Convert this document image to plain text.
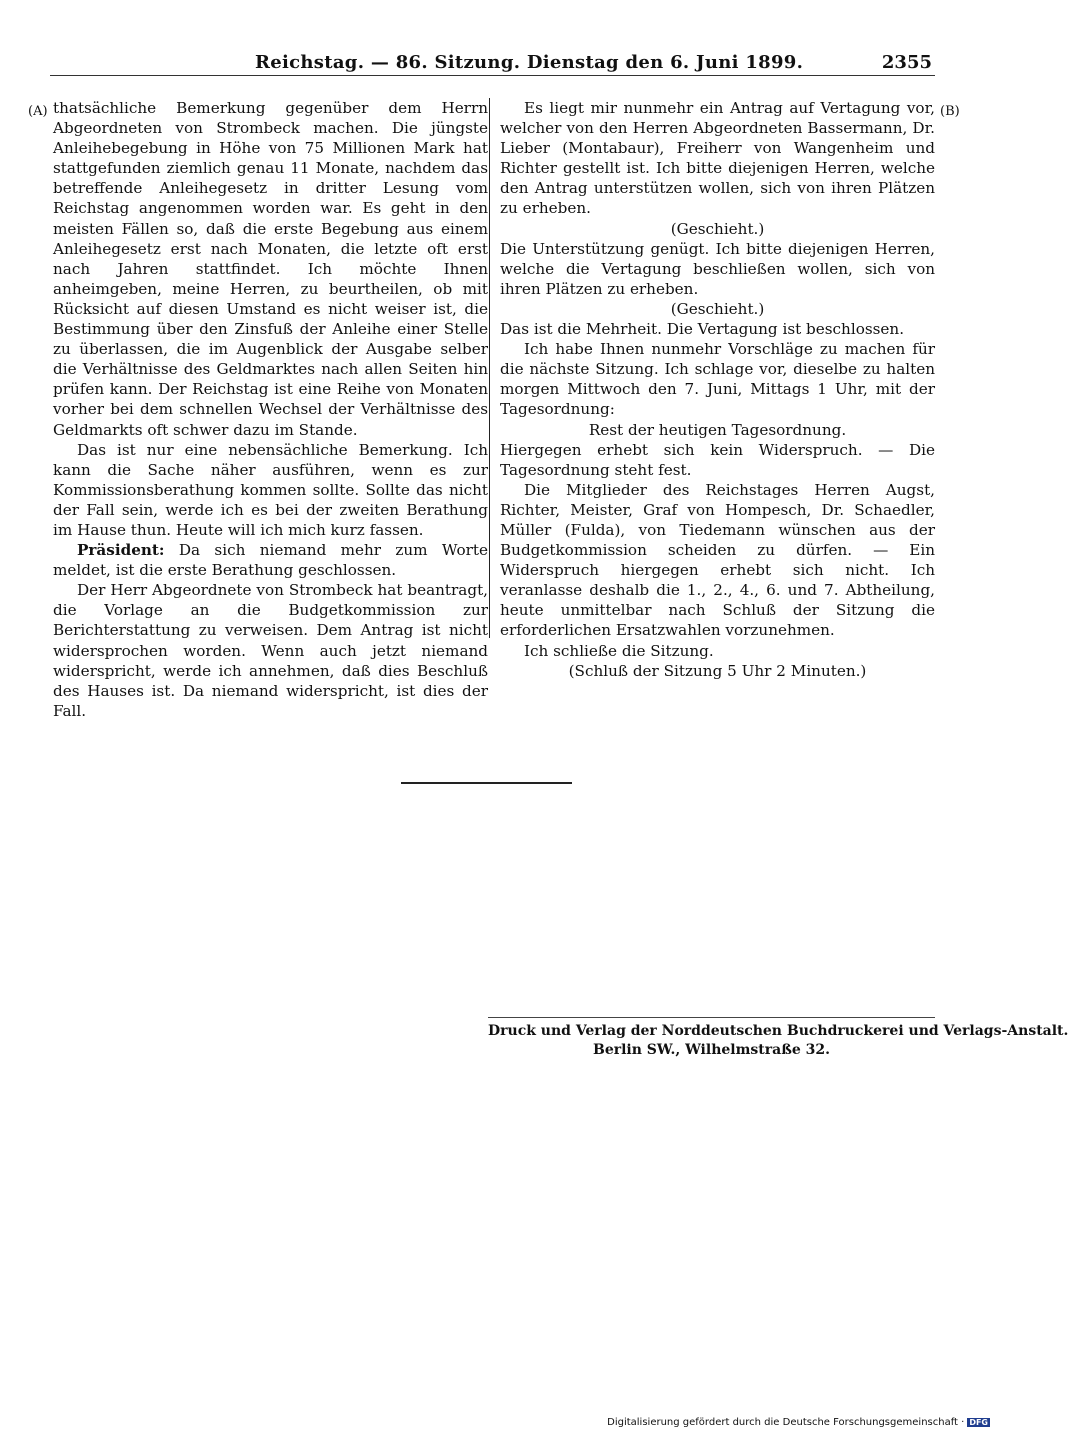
Reichstag. — 86. Sitzung. Dienstag den 6. Juni 1899.	2355
(A)	(B)

thatsächliche Bemerkung gegenüber dem Herrn Abgeordneten von Strombeck machen. Die jüngste Anleihebegebung in Höhe von 75 Millionen Mark hat stattgefunden ziemlich genau 11 Monate, nachdem das betreffende Anleihegesetz in dritter Lesung vom Reichstag angenommen worden war. Es geht in den meisten Fällen so, daß die erste Begebung aus einem Anleihegesetz erst nach Monaten, die letzte oft erst nach Jahren stattfindet. Ich möchte Ihnen anheimgeben, meine Herren, zu beurtheilen, ob mit Rücksicht auf diesen Umstand es nicht weiser ist, die Bestimmung über den Zinsfuß der Anleihe einer Stelle zu überlassen, die im Augenblick der Ausgabe selber die Verhältnisse des Geldmarktes nach allen Seiten hin prüfen kann. Der Reichstag ist eine Reihe von Monaten vorher bei dem schnellen Wechsel der Verhältnisse des Geldmarkts oft schwer dazu im Stande.

Das ist nur eine nebensächliche Bemerkung. Ich kann die Sache näher ausführen, wenn es zur Kommissionsberathung kommen sollte. Sollte das nicht der Fall sein, werde ich es bei der zweiten Berathung im Hause thun. Heute will ich mich kurz fassen.

Präsident: Da sich niemand mehr zum Worte meldet, ist die erste Berathung geschlossen.

Der Herr Abgeordnete von Strombeck hat beantragt, die Vorlage an die Budgetkommission zur Berichterstattung zu verweisen. Dem Antrag ist nicht widersprochen worden. Wenn auch jetzt niemand widerspricht, werde ich annehmen, daß dies Beschluß des Hauses ist. Da niemand widerspricht, ist dies der Fall.

Es liegt mir nunmehr ein Antrag auf Vertagung vor, welcher von den Herren Abgeordneten Bassermann, Dr. Lieber (Montabaur), Freiherr von Wangenheim und Richter gestellt ist. Ich bitte diejenigen Herren, welche den Antrag unterstützen wollen, sich von ihren Plätzen zu erheben.

(Geschieht.)

Die Unterstützung genügt. Ich bitte diejenigen Herren, welche die Vertagung beschließen wollen, sich von ihren Plätzen zu erheben.

(Geschieht.)

Das ist die Mehrheit. Die Vertagung ist beschlossen.

Ich habe Ihnen nunmehr Vorschläge zu machen für die nächste Sitzung. Ich schlage vor, dieselbe zu halten morgen Mittwoch den 7. Juni, Mittags 1 Uhr, mit der Tagesordnung:

Rest der heutigen Tagesordnung.

Hiergegen erhebt sich kein Widerspruch. — Die Tagesordnung steht fest.

Die Mitglieder des Reichstages Herren Augst, Richter, Meister, Graf von Hompesch, Dr. Schaedler, Müller (Fulda), von Tiedemann wünschen aus der Budgetkommission scheiden zu dürfen. — Ein Widerspruch hiergegen erhebt sich nicht. Ich veranlasse deshalb die 1., 2., 4., 6. und 7. Abtheilung, heute unmittelbar nach Schluß der Sitzung die erforderlichen Ersatzwahlen vorzunehmen.

Ich schließe die Sitzung.

(Schluß der Sitzung 5 Uhr 2 Minuten.)

Druck und Verlag der Norddeutschen Buchdruckerei und Verlags-Anstalt.
Berlin SW., Wilhelmstraße 32.
Digitalisierung gefördert durch die Deutsche Forschungsgemeinschaft · DFG
